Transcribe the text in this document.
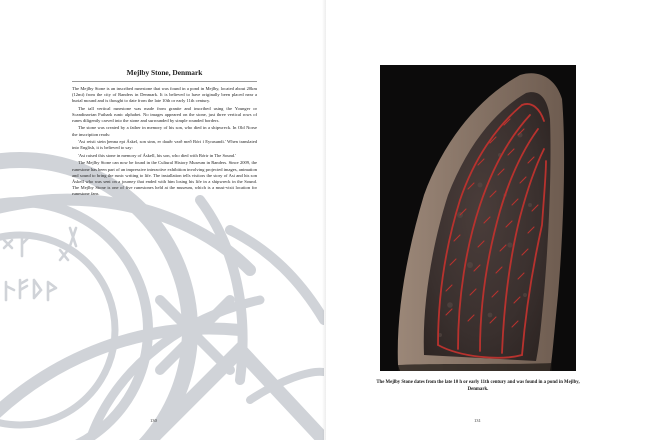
Mejlby Stone, Denmark

The Mejlby Stone is an inscribed runestone that was found in a pond in Mejlby, located about 20km (12mi) from the city of Randers in Denmark. It is believed to have originally been placed near a burial mound and is thought to date from the late 10th or early 11th century.

The tall vertical runestone was made from granite and inscribed using the Younger or Scandinavian Futhark runic alphabet. No images appeared on the stone, just three vertical rows of runes diligently carved into the stone and surrounded by simple rounded borders.

The stone was created by a father in memory of his son, who died in a shipwreck. In Old Norse the inscription reads:

'Asi reisti stein þenna ept Áskel, son sinn, er dauðr varð með Bóri í Eyrasundi.' When translated into English, it is believed to say:

'Asi raised this stone in memory of Áskell, his son, who died with Bórir in The Sound.'

The Mejlby Stone can now be found in the Cultural History Museum in Randers. Since 2009, the runestone has been part of an impressive interactive exhibition involving projected images, animation and sound to bring the runic writing to life. The installation tells visitors the story of Asi and his son Áskell who was sent on a journey that ended with him losing his life in a shipwreck in the Sound. The Mejlby Stone is one of five runestones held at the museum, which is a must-visit location for runestone fans.

130
The Mejlby Stone dates from the late 10 h or early 11th century and was found in a pond in Mejlby, Denmark.
131
